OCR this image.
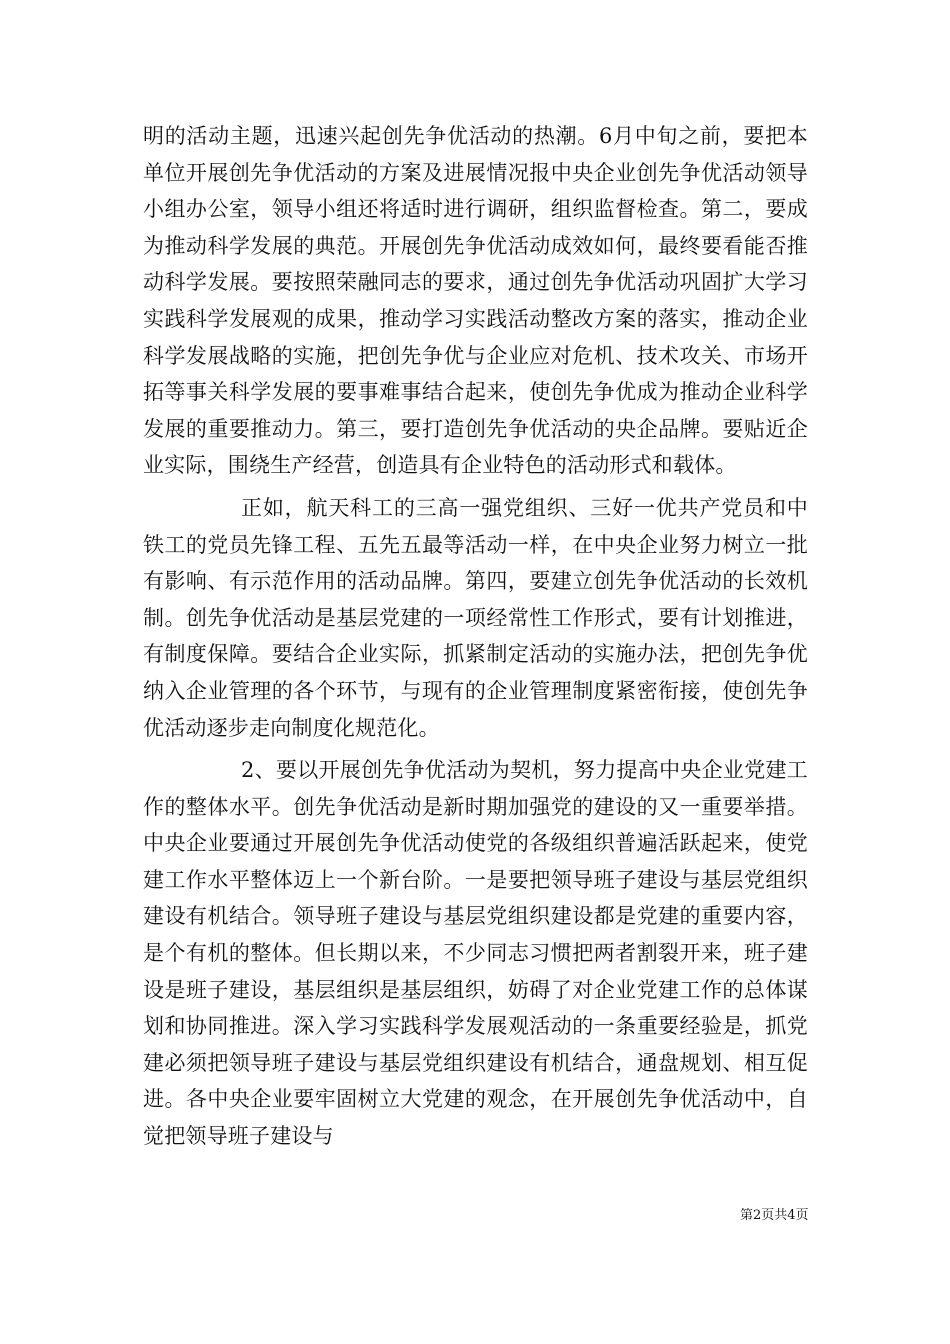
明的活动主题，迅速兴起创先争优活动的热潮。6月中旬之前，要把本单位开展创先争优活动的方案及进展情况报中央企业创先争优活动领导小组办公室，领导小组还将适时进行调研，组织监督检查。第二，要成为推动科学发展的典范。开展创先争优活动成效如何，最终要看能否推动科学发展。要按照荣融同志的要求，通过创先争优活动巩固扩大学习实践科学发展观的成果，推动学习实践活动整改方案的落实，推动企业科学发展战略的实施，把创先争优与企业应对危机、技术攻关、市场开拓等事关科学发展的要事难事结合起来，使创先争优成为推动企业科学发展的重要推动力。第三，要打造创先争优活动的央企品牌。要贴近企业实际，围绕生产经营，创造具有企业特色的活动形式和载体。

正如，航天科工的三高一强党组织、三好一优共产党员和中铁工的党员先锋工程、五先五最等活动一样，在中央企业努力树立一批有影响、有示范作用的活动品牌。第四，要建立创先争优活动的长效机制。创先争优活动是基层党建的一项经常性工作形式，要有计划推进，有制度保障。要结合企业实际，抓紧制定活动的实施办法，把创先争优纳入企业管理的各个环节，与现有的企业管理制度紧密衔接，使创先争优活动逐步走向制度化规范化。

2、要以开展创先争优活动为契机，努力提高中央企业党建工作的整体水平。创先争优活动是新时期加强党的建设的又一重要举措。中央企业要通过开展创先争优活动使党的各级组织普遍活跃起来，使党建工作水平整体迈上一个新台阶。一是要把领导班子建设与基层党组织建设有机结合。领导班子建设与基层党组织建设都是党建的重要内容，是个有机的整体。但长期以来，不少同志习惯把两者割裂开来，班子建设是班子建设，基层组织是基层组织，妨碍了对企业党建工作的总体谋划和协同推进。深入学习实践科学发展观活动的一条重要经验是，抓党建必须把领导班子建设与基层党组织建设有机结合，通盘规划、相互促进。各中央企业要牢固树立大党建的观念，在开展创先争优活动中，自觉把领导班子建设与

第2页共4页
